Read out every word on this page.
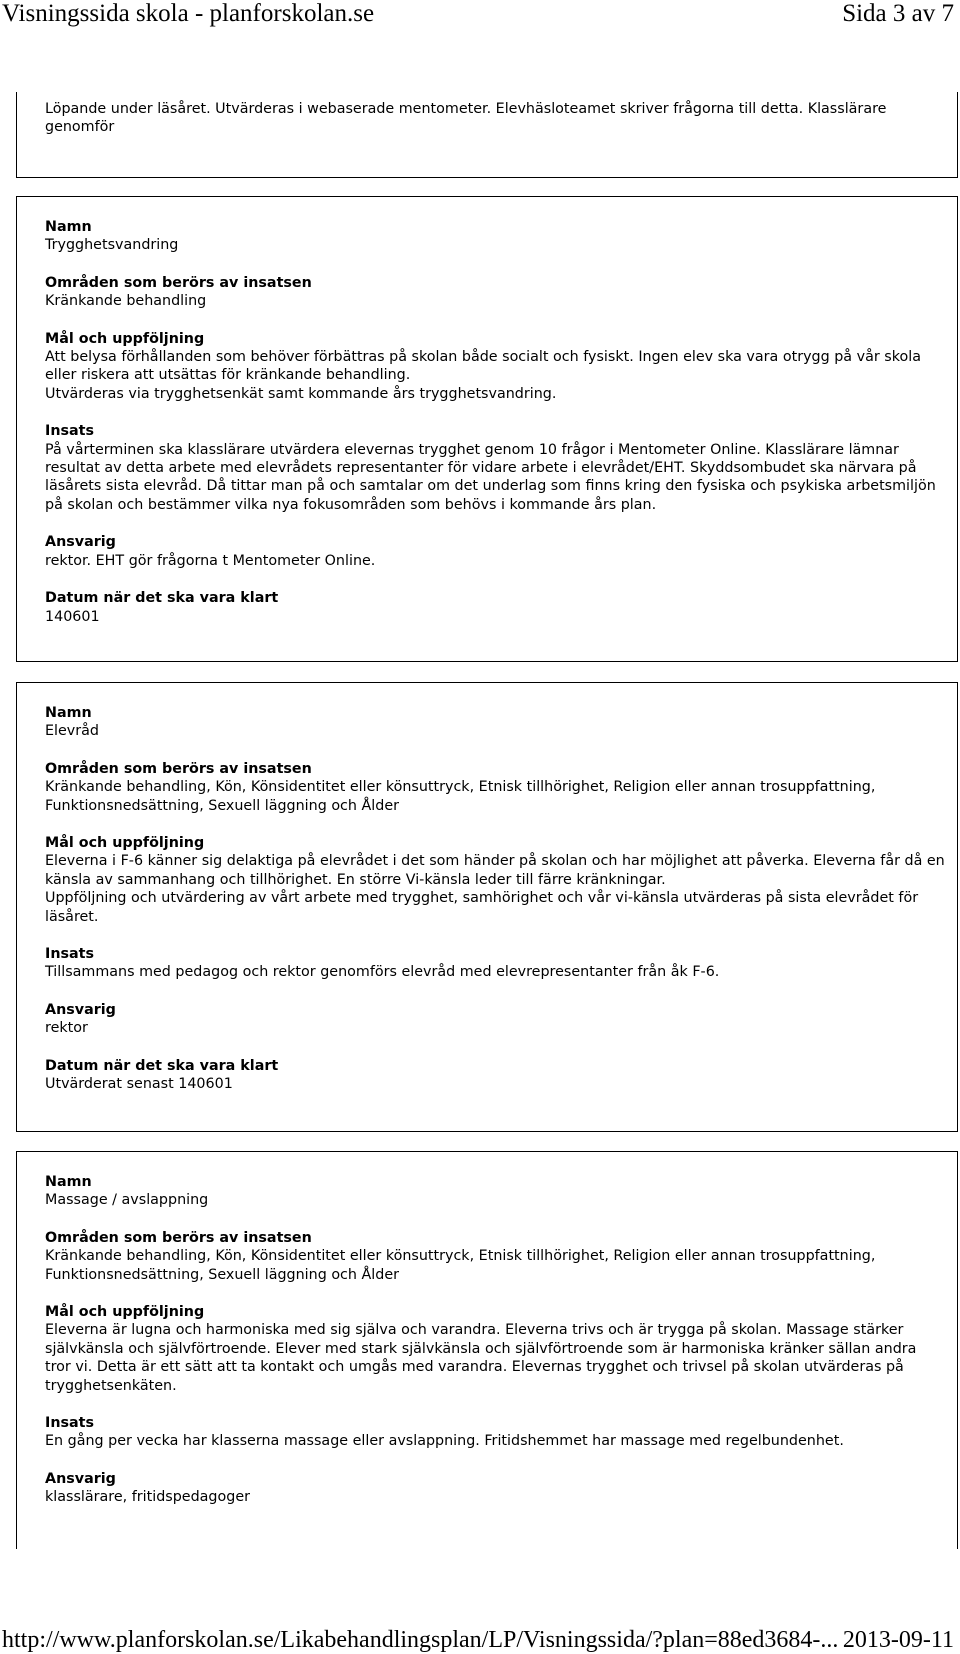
Visningssida skola - planforskolan.se	Sida 3 av 7

Löpande under läsåret. Utvärderas i webaserade mentometer. Elevhäsloteamet skriver frågorna till detta. Klasslärare genomför

Namn

Trygghetsvandring

Områden som berörs av insatsen

Kränkande behandling

Mål och uppföljning

Att belysa förhållanden som behöver förbättras på skolan både socialt och fysiskt. Ingen elev ska vara otrygg på vår skola eller riskera att utsättas för kränkande behandling.
Utvärderas via trygghetsenkät samt kommande års trygghetsvandring.

Insats

På vårterminen ska klasslärare utvärdera elevernas trygghet genom 10 frågor i Mentometer Online. Klasslärare lämnar resultat av detta arbete med elevrådets representanter för vidare arbete i elevrådet/EHT. Skyddsombudet ska närvara på läsårets sista elevråd. Då tittar man på och samtalar om det underlag som finns kring den fysiska och psykiska arbetsmiljön på skolan och bestämmer vilka nya fokusområden som behövs i kommande års plan.

Ansvarig

rektor. EHT gör frågorna t Mentometer Online.

Datum när det ska vara klart

140601

Namn

Elevråd

Områden som berörs av insatsen

Kränkande behandling, Kön, Könsidentitet eller könsuttryck, Etnisk tillhörighet, Religion eller annan trosuppfattning, Funktionsnedsättning, Sexuell läggning och Ålder

Mål och uppföljning

Eleverna i F-6 känner sig delaktiga på elevrådet i det som händer på skolan och har möjlighet att påverka. Eleverna får då en känsla av sammanhang och tillhörighet. En större Vi-känsla leder till färre kränkningar.
Uppföljning och utvärdering av vårt arbete med trygghet, samhörighet och vår vi-känsla utvärderas på sista elevrådet för läsåret.

Insats

Tillsammans med pedagog och rektor genomförs elevråd med elevrepresentanter från åk F-6.

Ansvarig

rektor

Datum när det ska vara klart

Utvärderat senast 140601

Namn

Massage / avslappning

Områden som berörs av insatsen

Kränkande behandling, Kön, Könsidentitet eller könsuttryck, Etnisk tillhörighet, Religion eller annan trosuppfattning, Funktionsnedsättning, Sexuell läggning och Ålder

Mål och uppföljning

Eleverna är lugna och harmoniska med sig själva och varandra. Eleverna trivs och är trygga på skolan. Massage stärker självkänsla och självförtroende. Elever med stark självkänsla och självförtroende som är harmoniska kränker sällan andra tror vi. Detta är ett sätt att ta kontakt och umgås med varandra. Elevernas trygghet och trivsel på skolan utvärderas på trygghetsenkäten.

Insats

En gång per vecka har klasserna massage eller avslappning. Fritidshemmet har massage med regelbundenhet.

Ansvarig

klasslärare, fritidspedagoger

http://www.planforskolan.se/Likabehandlingsplan/LP/Visningssida/?plan=88ed3684-... 2013-09-11
